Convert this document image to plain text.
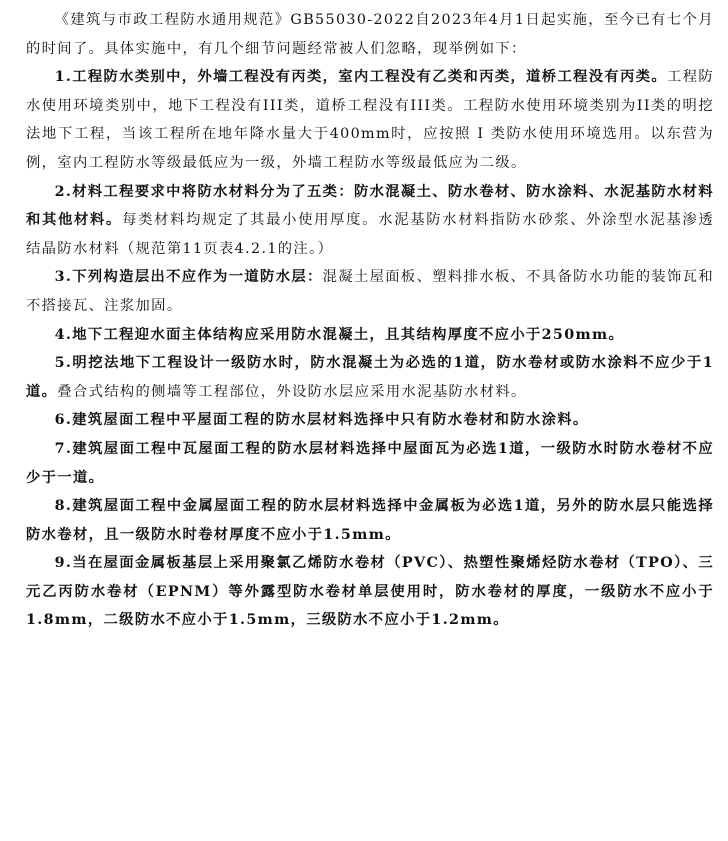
《建筑与市政工程防水通用规范》GB55030-2022自2023年4月1日起实施，至今已有七个月的时间了。具体实施中，有几个细节问题经常被人们忽略，现举例如下：

1.工程防水类别中，外墙工程没有丙类，室内工程没有乙类和丙类，道桥工程没有丙类。工程防水使用环境类别中，地下工程没有III类，道桥工程没有III类。工程防水使用环境类别为II类的明挖法地下工程，当该工程所在地年降水量大于400mm时，应按照 I 类防水使用环境选用。以东营为例，室内工程防水等级最低应为一级，外墙工程防水等级最低应为二级。

2.材料工程要求中将防水材料分为了五类：防水混凝土、防水卷材、防水涂料、水泥基防水材料和其他材料。每类材料均规定了其最小使用厚度。水泥基防水材料指防水砂浆、外涂型水泥基渗透结晶防水材料（规范第11页表4.2.1的注。）

3.下列构造层出不应作为一道防水层：混凝土屋面板、塑料排水板、不具备防水功能的装饰瓦和不搭接瓦、注浆加固。

4.地下工程迎水面主体结构应采用防水混凝土，且其结构厚度不应小于250mm。

5.明挖法地下工程设计一级防水时，防水混凝土为必选的1道，防水卷材或防水涂料不应少于1道。叠合式结构的侧墙等工程部位，外设防水层应采用水泥基防水材料。

6.建筑屋面工程中平屋面工程的防水层材料选择中只有防水卷材和防水涂料。

7.建筑屋面工程中瓦屋面工程的防水层材料选择中屋面瓦为必选1道，一级防水时防水卷材不应少于一道。

8.建筑屋面工程中金属屋面工程的防水层材料选择中金属板为必选1道，另外的防水层只能选择防水卷材，且一级防水时卷材厚度不应小于1.5mm。

9.当在屋面金属板基层上采用聚氯乙烯防水卷材（PVC）、热塑性聚烯烃防水卷材（TPO）、三元乙丙防水卷材（EPNM）等外露型防水卷材单层使用时，防水卷材的厚度，一级防水不应小于1.8mm，二级防水不应小于1.5mm，三级防水不应小于1.2mm。
